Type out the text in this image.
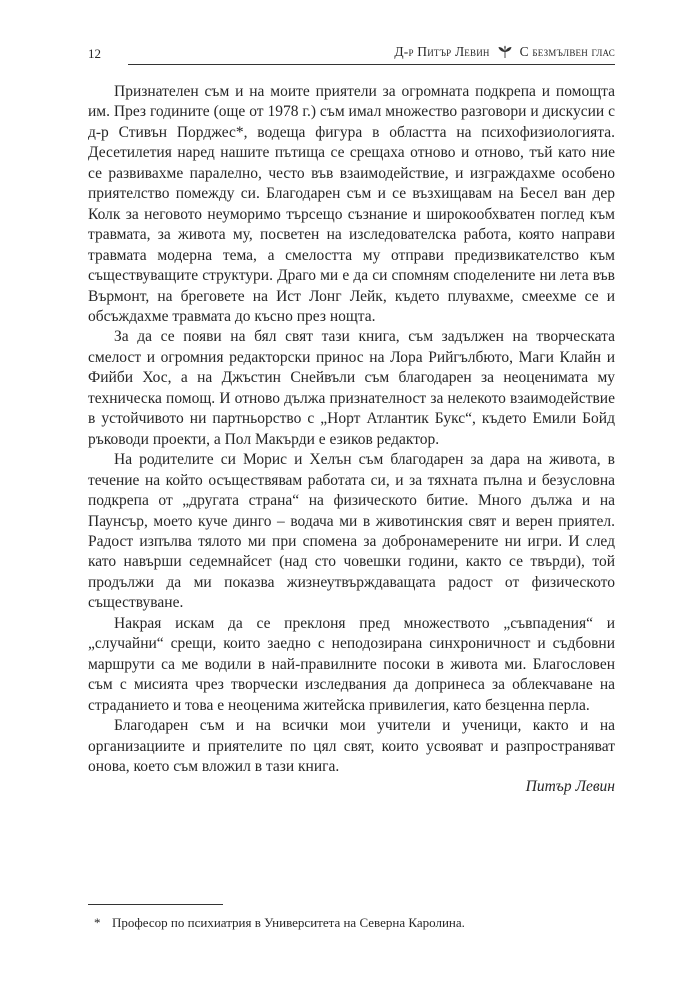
12	Д-р Питър Левин С безмълвен глас

Признателен съм и на моите приятели за огромната подкрепа и помощта им. През годините (още от 1978 г.) съм имал множество разговори и дискусии с д-р Стивън Порджес*, водеща фигура в областта на психофизиологията. Десетилетия наред нашите пътища се срещаха отново и отново, тъй като ние се развивахме паралелно, често във взаимодействие, и изграждахме особено приятелство помежду си. Благодарен съм и се възхищавам на Бесел ван дер Колк за неговото неуморимо търсещо съзнание и широкообхватен поглед към травмата, за живота му, посветен на изследователска работа, която направи травмата модерна тема, а смелостта му отправи предизвикателство към съществуващите структури. Драго ми е да си спомням споделените ни лета във Върмонт, на бреговете на Ист Лонг Лейк, където плувахме, смеехме се и обсъждахме травмата до късно през нощта.

За да се появи на бял свят тази книга, съм задължен на творческата смелост и огромния редакторски принос на Лора Рийгълбюто, Маги Клайн и Фийби Хос, а на Джъстин Снейвъли съм благодарен за неоценимата му техническа помощ. И отново дължа признателност за нелекото взаимодействие в устойчивото ни партньорство с „Норт Атлантик Букс“, където Емили Бойд ръководи проекти, а Пол Макърди е езиков редактор.

На родителите си Морис и Хелън съм благодарен за дара на живота, в течение на който осъществявам работата си, и за тяхната пълна и безусловна подкрепа от „другата страна“ на физическото битие. Много дължа и на Паунсър, моето куче динго – водача ми в животинския свят и верен приятел. Радост изпълва тялото ми при спомена за добронамерените ни игри. И след като навърши седемнайсет (над сто човешки години, както се твърди), той продължи да ми показва жизнеутвърждаващата радост от физическото съществуване.

Накрая искам да се преклоня пред множеството „съвпадения“ и „случайни“ срещи, които заедно с неподозирана синхроничност и съдбовни маршрути са ме водили в най-правилните посоки в живота ми. Благословен съм с мисията чрез творчески изследвания да допринеса за облекчаване на страданието и това е неоценима житейска привилегия, като безценна перла.

Благодарен съм и на всички мои учители и ученици, както и на организациите и приятелите по цял свят, които усвояват и разпространяват онова, което съм вложил в тази книга.

Питър Левин

* Професор по психиатрия в Университета на Северна Каролина.
